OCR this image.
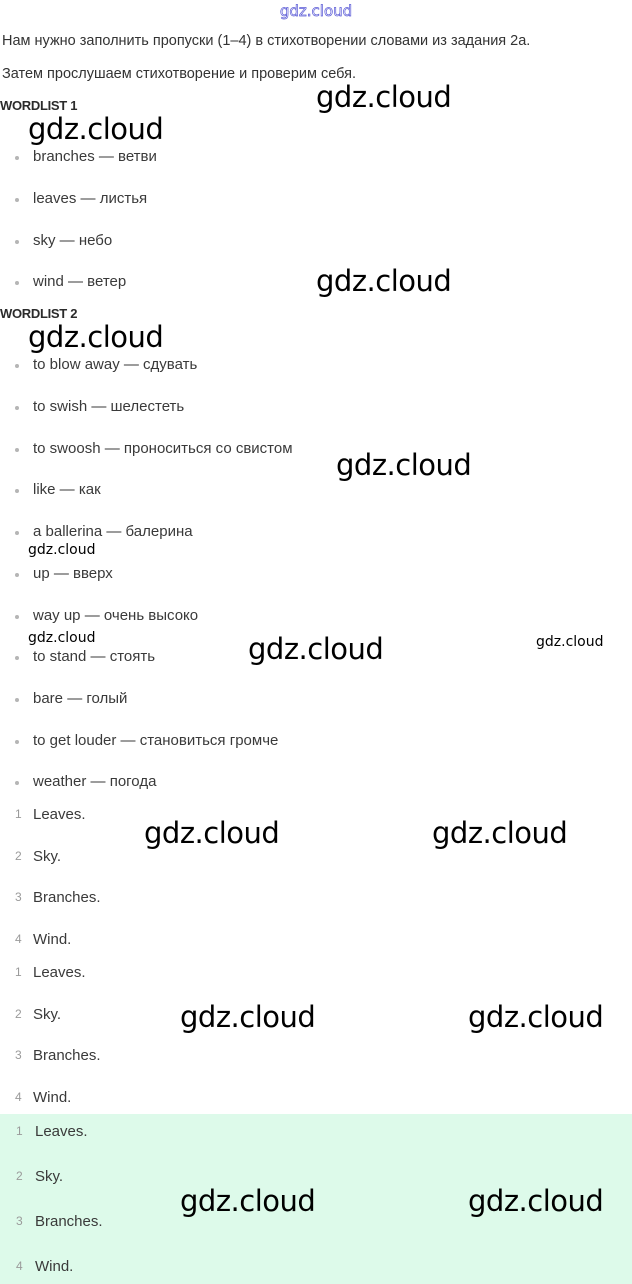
gdz.cloud
Нам нужно заполнить пропуски (1–4) в стихотворении словами из задания 2а.
Затем прослушаем стихотворение и проверим себя.
WORDLIST 1
branches — ветви
leaves — листья
sky — небо
wind — ветер
WORDLIST 2
to blow away — сдувать
to swish — шелестеть
to swoosh — проноситься со свистом
like — как
a ballerina — балерина
up — вверх
way up — очень высоко
to stand — стоять
bare — голый
to get louder — становиться громче
weather — погода
1 Leaves.
2 Sky.
3 Branches.
4 Wind.
1 Leaves.
2 Sky.
3 Branches.
4 Wind.
1 Leaves.
2 Sky.
3 Branches.
4 Wind.
gdz.cloud
gdz.cloud
gdz.cloud
gdz.cloud
gdz.cloud
gdz.cloud
gdz.cloud	gdz.cloud	gdz.cloud
gdz.cloud	gdz.cloud
gdz.cloud	gdz.cloud
gdz.cloud	gdz.cloud
